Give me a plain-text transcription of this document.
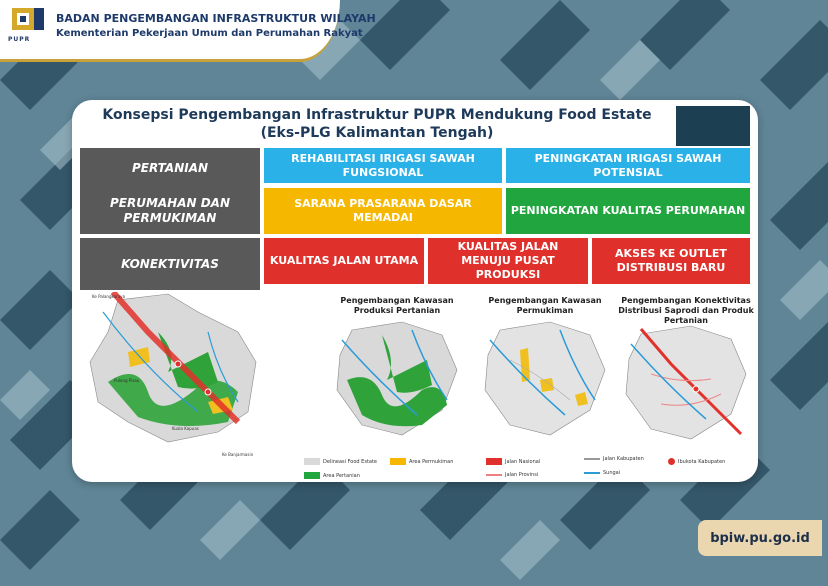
PUPR
BADAN PENGEMBANGAN INFRASTRUKTUR WILAYAH
Kementerian Pekerjaan Umum dan Perumahan Rakyat
Konsepsi Pengembangan Infrastruktur PUPR Mendukung Food Estate
(Eks-PLG Kalimantan Tengah)
PERTANIAN
REHABILITASI IRIGASI SAWAH FUNGSIONAL
PENINGKATAN IRIGASI SAWAH POTENSIAL
PERUMAHAN DAN PERMUKIMAN
SARANA PRASARANA DASAR MEMADAI
PENINGKATAN KUALITAS PERUMAHAN
KONEKTIVITAS	KUALITAS JALAN UTAMA
KUALITAS JALAN MENUJU PUSAT PRODUKSI
AKSES KE OUTLET DISTRIBUSI BARU
Ke Palangkaraya
Ke Banjarmasin
Pulang Pisau
Kuala Kapuas
Pengembangan Kawasan Produksi Pertanian
Pengembangan Kawasan Permukiman
Pengembangan Konektivitas Distribusi Saprodi dan Produk Pertanian
Delineasi Food Estate
Area Pertanian
Area Permukiman	Jalan Nasional
Jalan Provinsi
Jalan Kabupaten
Sungai
Ibukota Kabupaten
bpiw.pu.go.id
